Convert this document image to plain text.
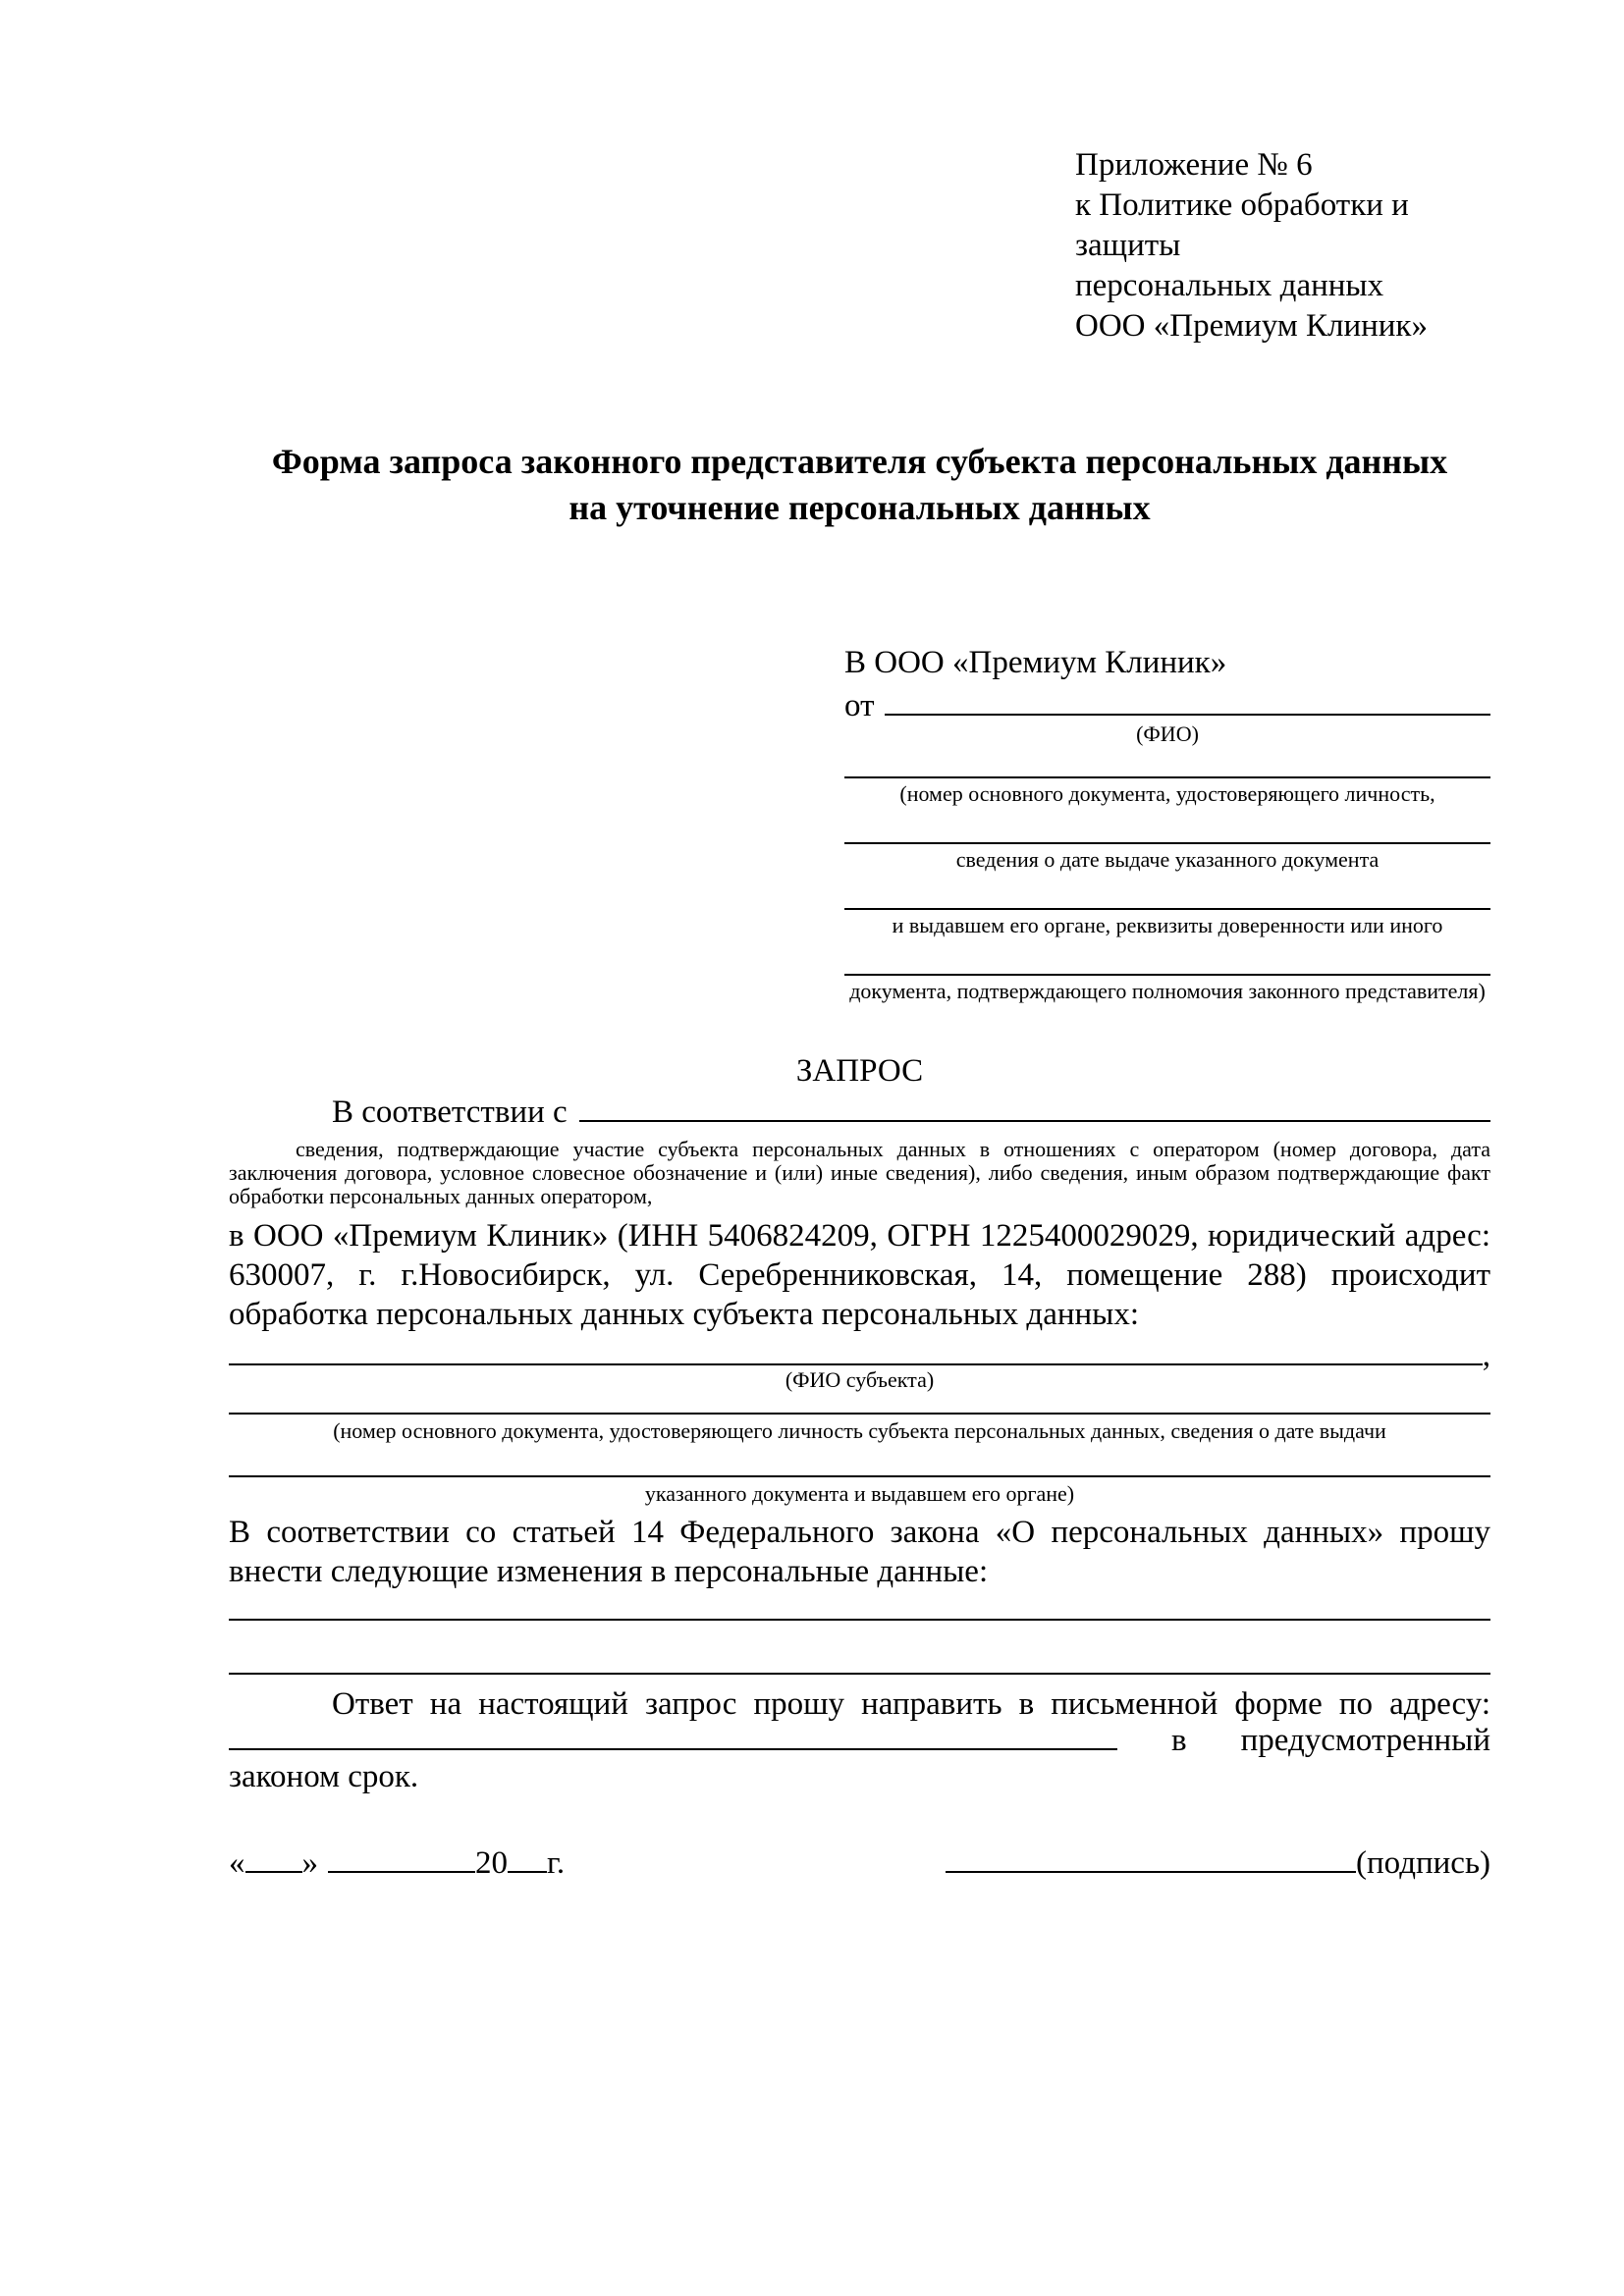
Приложение № 6
к Политике обработки и защиты
персональных данных
ООО «Премиум Клиник»
Форма запроса законного представителя субъекта персональных данных
на уточнение персональных данных
В ООО «Премиум Клиник»
от
(ФИО)
(номер основного документа, удостоверяющего личность,
сведения о дате выдаче указанного документа
и выдавшем его органе, реквизиты доверенности или иного
документа, подтверждающего полномочия законного представителя)
ЗАПРОС
В соответствии с
сведения, подтверждающие участие субъекта персональных данных в отношениях с оператором (номер договора, дата заключения договора, условное словесное обозначение и (или) иные сведения), либо сведения, иным образом подтверждающие факт обработки персональных данных оператором,
в ООО «Премиум Клиник» (ИНН 5406824209, ОГРН 1225400029029, юридический адрес: 630007, г. г.Новосибирск, ул. Серебренниковская, 14, помещение 288) происходит обработка персональных данных субъекта персональных данных:
,
(ФИО субъекта)
(номер основного документа, удостоверяющего личность субъекта персональных данных, сведения о дате выдачи
указанного документа и выдавшем его органе)
В соответствии со статьей 14 Федерального закона «О персональных данных» прошу внести следующие изменения в персональные данные:
Ответ на настоящий запрос прошу направить в письменной форме по адресу:
в предусмотренный
законом срок.
« »	20 г.	(подпись)
